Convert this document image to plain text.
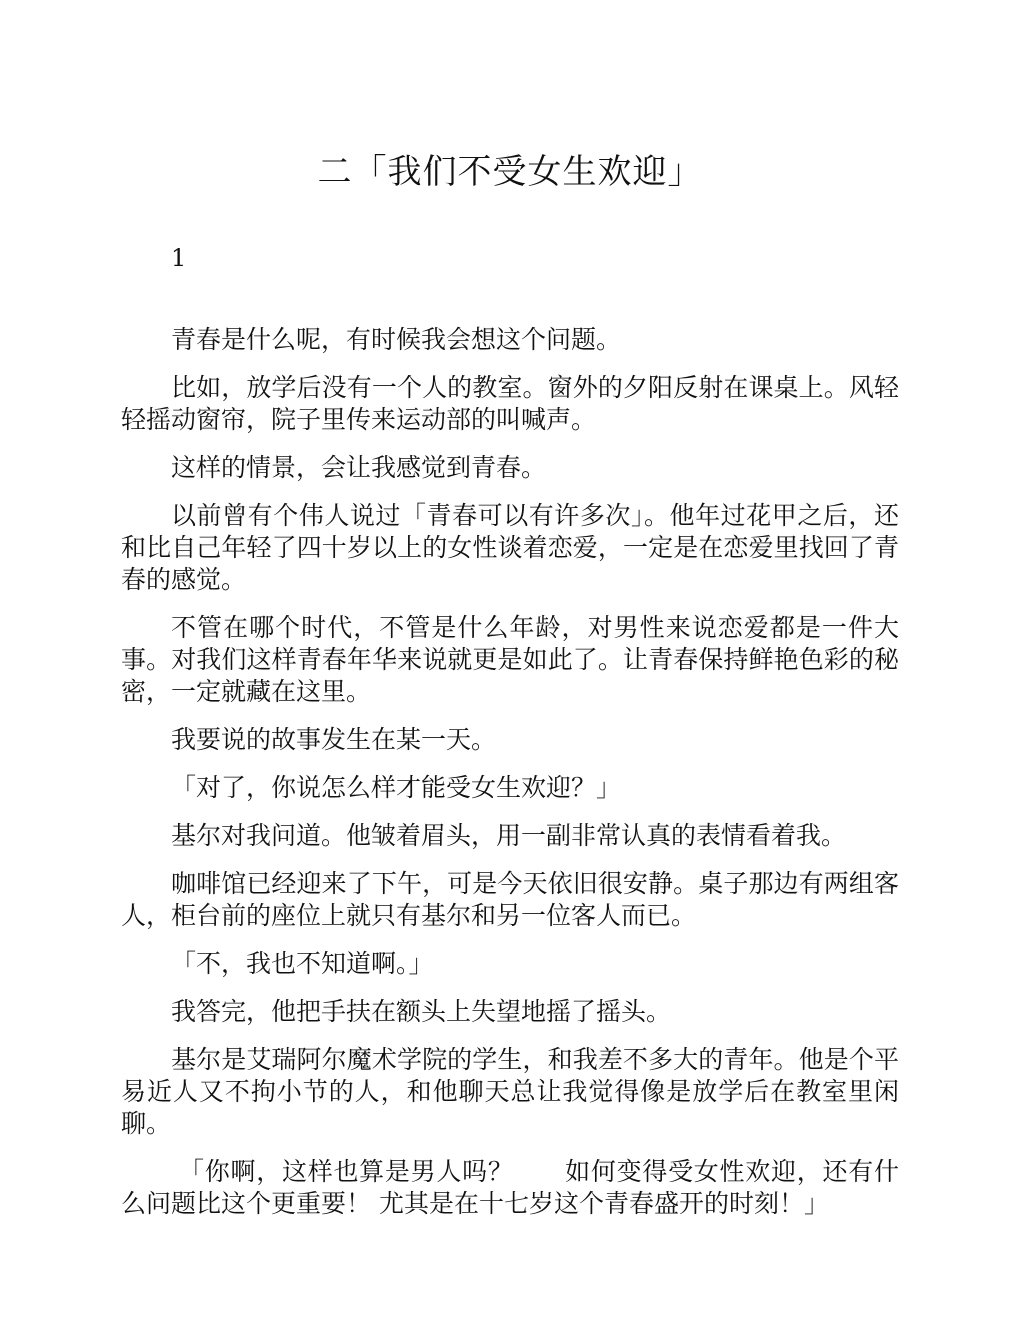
二「我们不受女生欢迎」
1

青春是什么呢，有时候我会想这个问题。

比如，放学后没有一个人的教室。窗外的夕阳反射在课桌上。风轻轻摇动窗帘，院子里传来运动部的叫喊声。

这样的情景，会让我感觉到青春。

以前曾有个伟人说过「青春可以有许多次」。他年过花甲之后，还和比自己年轻了四十岁以上的女性谈着恋爱，一定是在恋爱里找回了青春的感觉。

不管在哪个时代，不管是什么年龄，对男性来说恋爱都是一件大事。对我们这样青春年华来说就更是如此了。让青春保持鲜艳色彩的秘密，一定就藏在这里。

我要说的故事发生在某一天。

「对了，你说怎么样才能受女生欢迎？」

基尔对我问道。他皱着眉头，用一副非常认真的表情看着我。

咖啡馆已经迎来了下午，可是今天依旧很安静。桌子那边有两组客人，柜台前的座位上就只有基尔和另一位客人而已。

「不，我也不知道啊。」

我答完，他把手扶在额头上失望地摇了摇头。

基尔是艾瑞阿尔魔术学院的学生，和我差不多大的青年。他是个平易近人又不拘小节的人，和他聊天总让我觉得像是放学后在教室里闲聊。

「你啊，这样也算是男人吗？　　如何变得受女性欢迎，还有什么问题比这个更重要！ 尤其是在十七岁这个青春盛开的时刻！」
